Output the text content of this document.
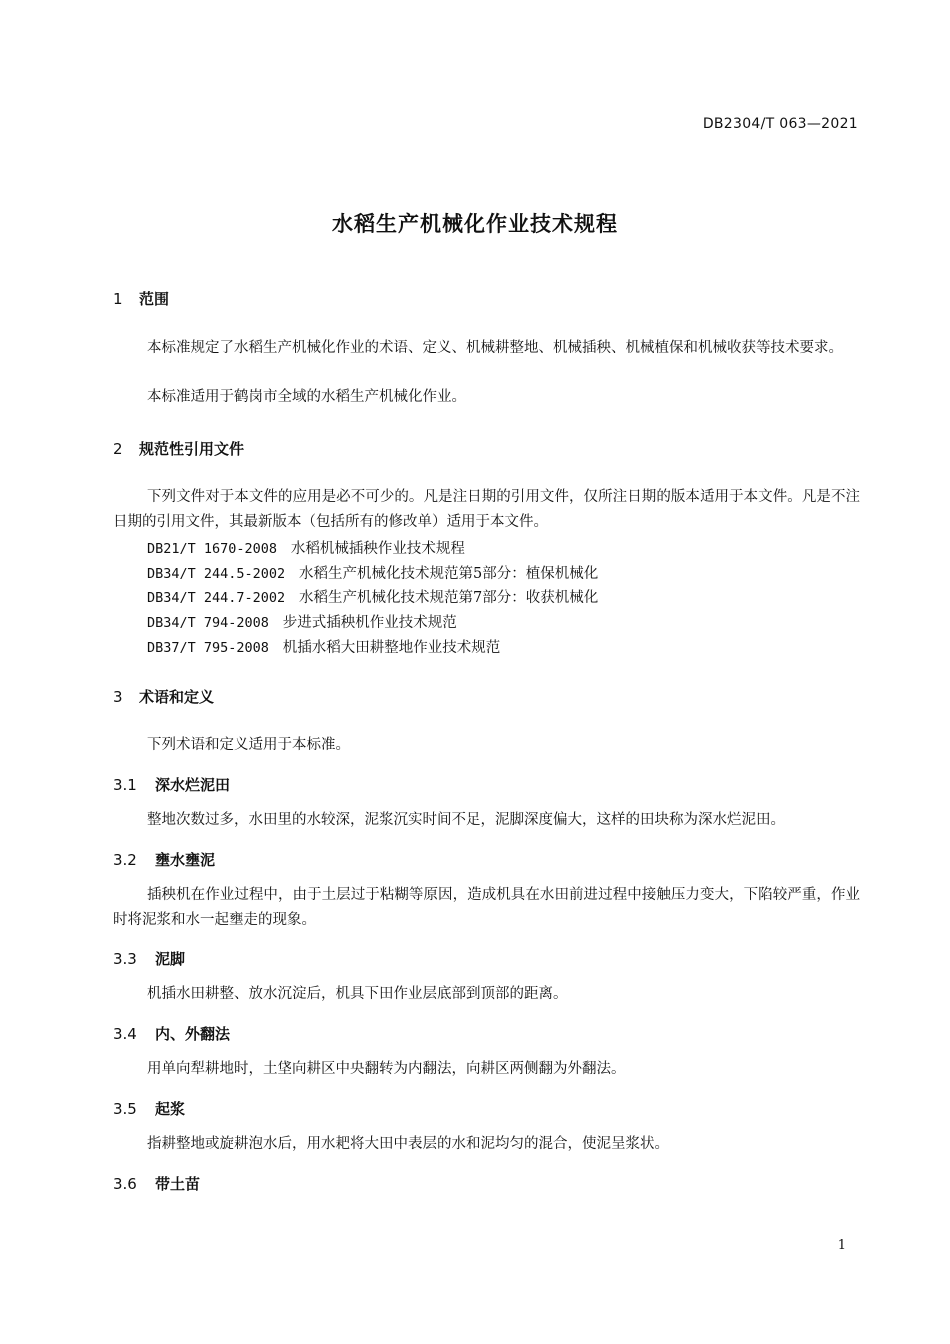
DB2304/T 063—2021
水稻生产机械化作业技术规程
1 范围
本标准规定了水稻生产机械化作业的术语、定义、机械耕整地、机械插秧、机械植保和机械收获等技术要求。
本标准适用于鹤岗市全域的水稻生产机械化作业。
2 规范性引用文件
下列文件对于本文件的应用是必不可少的。凡是注日期的引用文件，仅所注日期的版本适用于本文件。凡是不注日期的引用文件，其最新版本（包括所有的修改单）适用于本文件。
DB21/T 1670-2008 水稻机械插秧作业技术规程
DB34/T 244.5-2002 水稻生产机械化技术规范第5部分：植保机械化
DB34/T 244.7-2002 水稻生产机械化技术规范第7部分：收获机械化
DB34/T 794-2008 步进式插秧机作业技术规范
DB37/T 795-2008 机插水稻大田耕整地作业技术规范
3 术语和定义
下列术语和定义适用于本标准。
3.1 深水烂泥田
整地次数过多，水田里的水较深，泥浆沉实时间不足，泥脚深度偏大，这样的田块称为深水烂泥田。
3.2 壅水壅泥
插秧机在作业过程中，由于土层过于粘糊等原因，造成机具在水田前进过程中接触压力变大，下陷较严重，作业时将泥浆和水一起壅走的现象。
3.3 泥脚
机插水田耕整、放水沉淀后，机具下田作业层底部到顶部的距离。
3.4 内、外翻法
用单向犁耕地时，土垡向耕区中央翻转为内翻法，向耕区两侧翻为外翻法。
3.5 起浆
指耕整地或旋耕泡水后，用水耙将大田中表层的水和泥均匀的混合，使泥呈浆状。
3.6 带土苗
1
